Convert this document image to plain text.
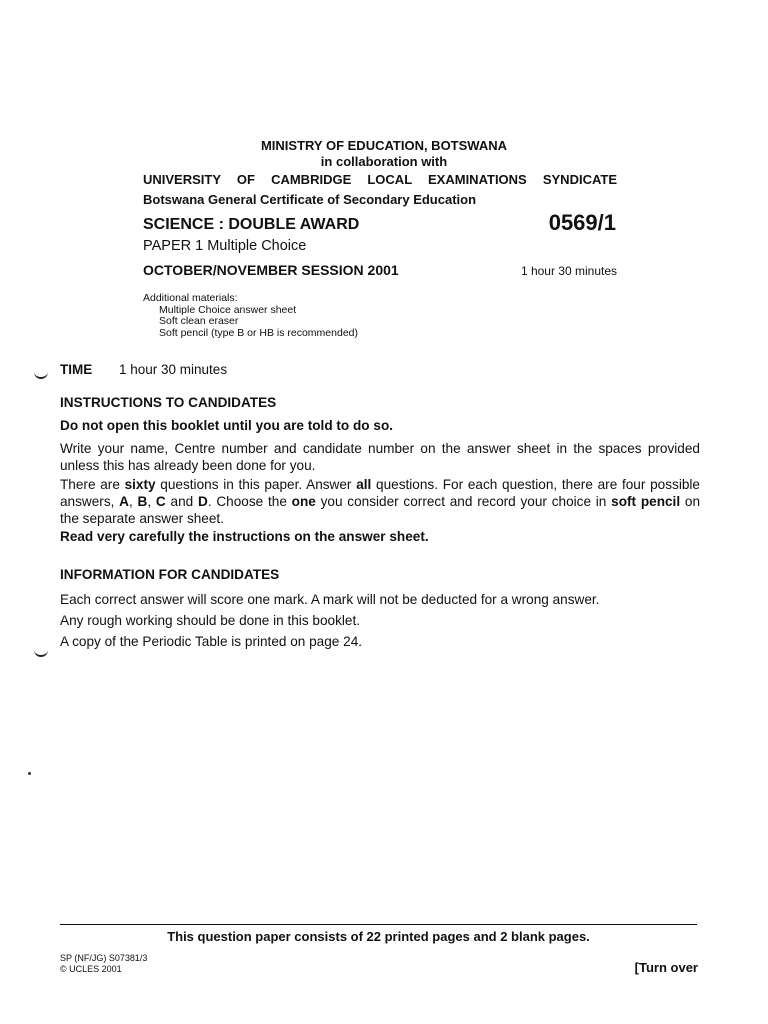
MINISTRY OF EDUCATION, BOTSWANA
in collaboration with
UNIVERSITY OF CAMBRIDGE LOCAL EXAMINATIONS SYNDICATE
Botswana General Certificate of Secondary Education
SCIENCE : DOUBLE AWARD	0569/1
PAPER 1 Multiple Choice
OCTOBER/NOVEMBER SESSION 2001	1 hour 30 minutes
Additional materials:
Multiple Choice answer sheet
Soft clean eraser
Soft pencil (type B or HB is recommended)
TIME 1 hour 30 minutes
INSTRUCTIONS TO CANDIDATES
Do not open this booklet until you are told to do so.
Write your name, Centre number and candidate number on the answer sheet in the spaces provided unless this has already been done for you.
There are sixty questions in this paper. Answer all questions. For each question, there are four possible answers, A, B, C and D. Choose the one you consider correct and record your choice in soft pencil on the separate answer sheet.
Read very carefully the instructions on the answer sheet.
INFORMATION FOR CANDIDATES
Each correct answer will score one mark. A mark will not be deducted for a wrong answer.
Any rough working should be done in this booklet.
A copy of the Periodic Table is printed on page 24.
This question paper consists of 22 printed pages and 2 blank pages.
SP (NF/JG) S07381/3
© UCLES 2001	[Turn over
